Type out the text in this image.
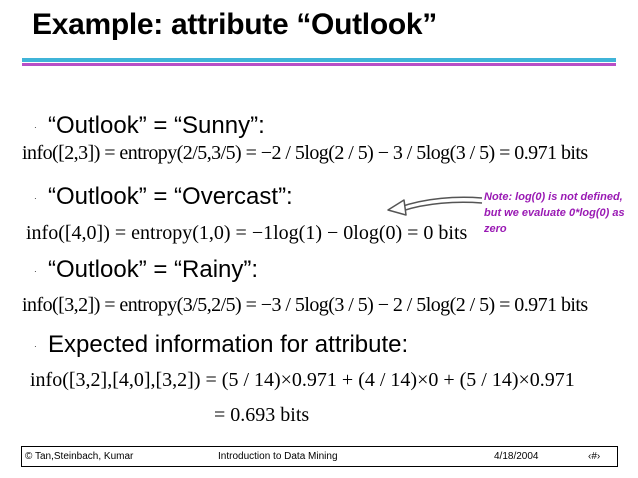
Example: attribute “Outlook”
· “Outlook” = “Sunny”:
info([2,3]) = entropy(2/5,3/5) = −2 / 5log(2 / 5) − 3 / 5log(3 / 5) = 0.971 bits
· “Outlook” = “Overcast”:
info([4,0]) = entropy(1,0) = −1log(1) − 0log(0) = 0 bits
· “Outlook” = “Rainy”:
info([3,2]) = entropy(3/5,2/5) = −3 / 5log(3 / 5) − 2 / 5log(2 / 5) = 0.971 bits
· Expected information for attribute:
info([3,2],[4,0],[3,2]) = (5 / 14)×0.971 + (4 / 14)×0 + (5 / 14)×0.971
= 0.693 bits
Note: log(0) is not defined, but we evaluate 0*log(0) as zero
© Tan,Steinbach, Kumar	Introduction to Data Mining	4/18/2004	‹#›
